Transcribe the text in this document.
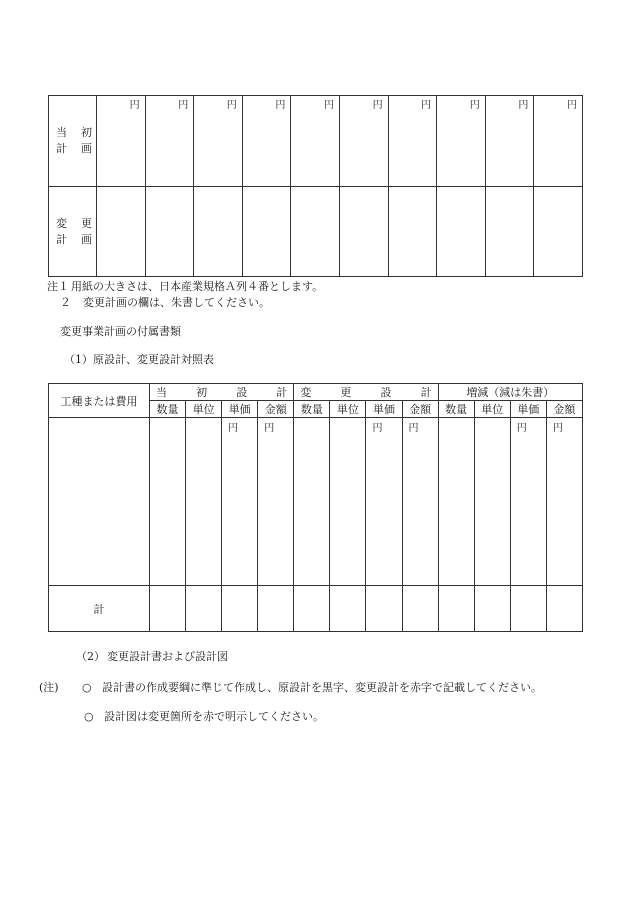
当 初
計 画	円	円	円	円	円	円	円	円	円	円

変 更
計 画										

注１ 用紙の大きさは、日本産業規格Ａ列４番とします。
２ 変更計画の欄は、朱書してください。
変更事業計画の付属書類
（1）原設計、変更設計対照表
工種または費用	当 初 設 計				変 更 設 計				増減（減は朱書）			
	数量	単位	単価	金額	数量	単位	単価	金額	数量	単位	単価	金額
			円	円			円	円			円	円
計												
（2） 変更設計書および設計図
(注) ○ 設計書の作成要綱に準じて作成し、原設計を黒字、変更設計を赤字で記載してください。
○ 設計図は変更箇所を赤で明示してください。
